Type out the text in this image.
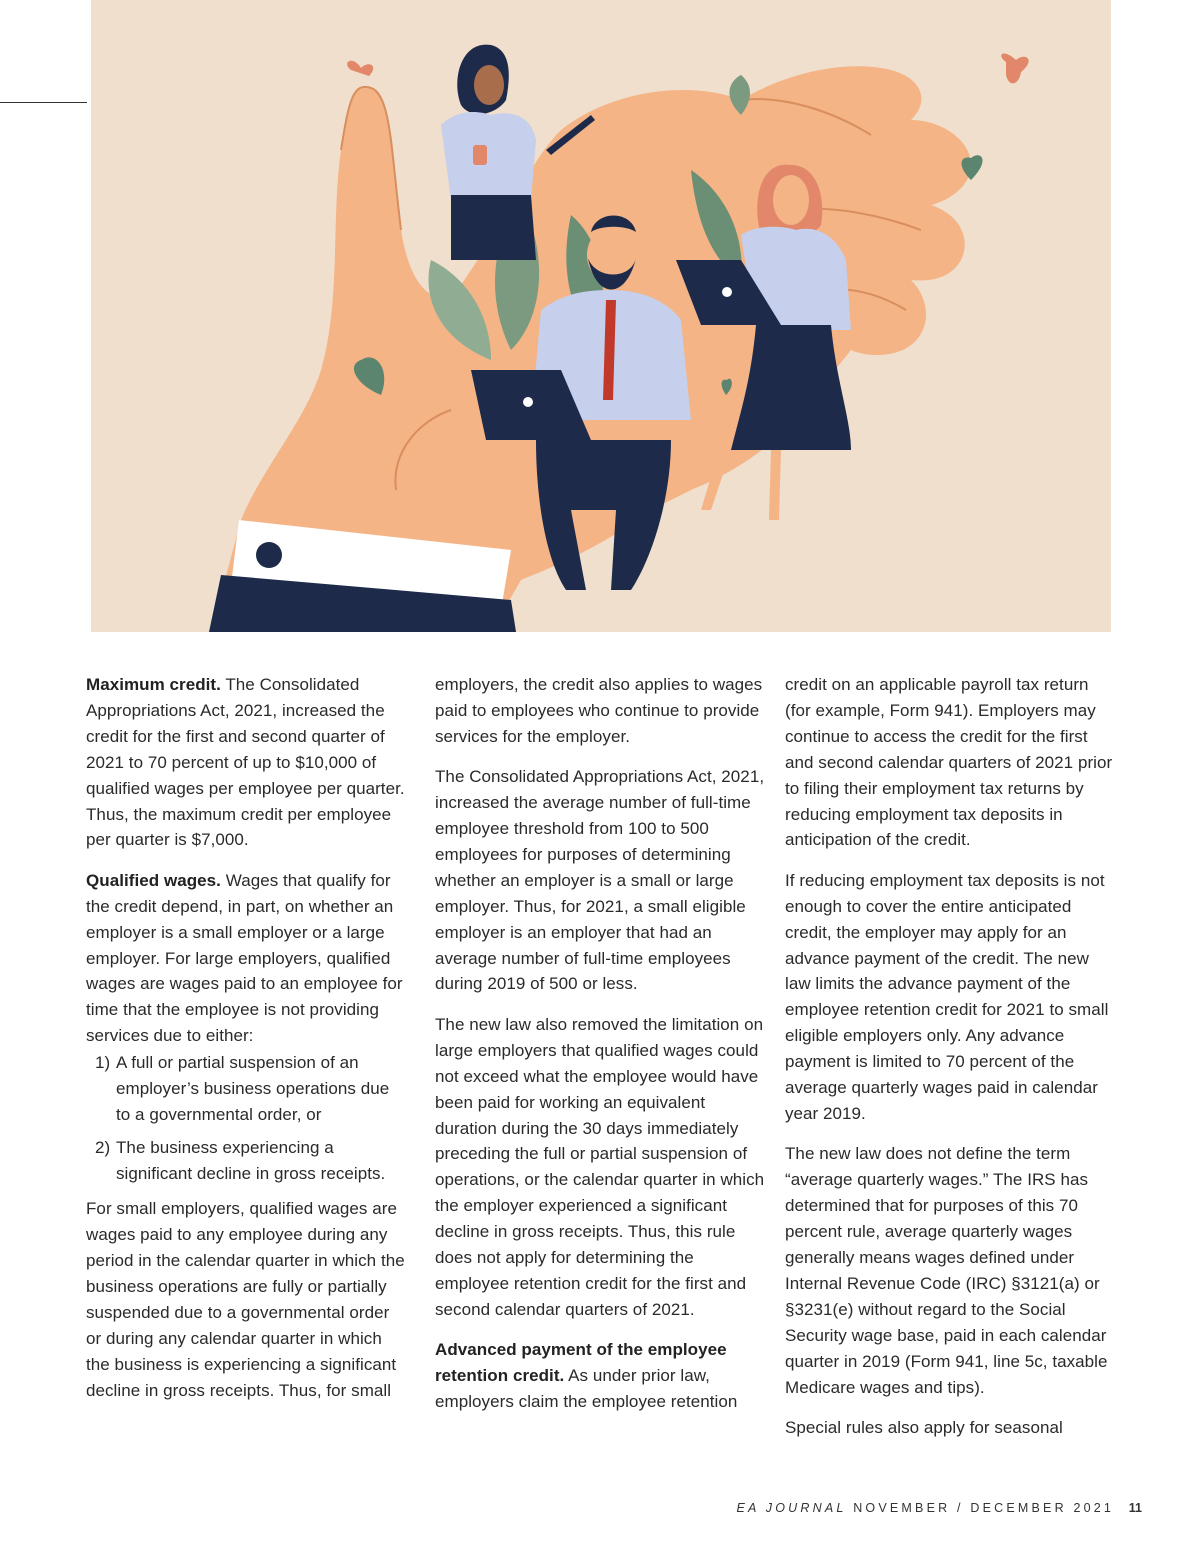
Maximum credit. The Consolidated Appropriations Act, 2021, increased the credit for the first and second quarter of 2021 to 70 percent of up to $10,000 of qualified wages per employee per quarter. Thus, the maximum credit per employee per quarter is $7,000.

Qualified wages. Wages that qualify for the credit depend, in part, on whether an employer is a small employer or a large employer. For large employers, qualified wages are wages paid to an employee for time that the employee is not providing services due to either:

1) A full or partial suspension of an employer’s business operations due to a governmental order, or
2) The business experiencing a significant decline in gross receipts.

For small employers, qualified wages are wages paid to any employee during any period in the calendar quarter in which the business operations are fully or partially suspended due to a governmental order or during any calendar quarter in which the business is experiencing a significant decline in gross receipts. Thus, for small

employers, the credit also applies to wages paid to employees who continue to provide services for the employer.

The Consolidated Appropriations Act, 2021, increased the average number of full-time employee threshold from 100 to 500 employees for purposes of determining whether an employer is a small or large employer. Thus, for 2021, a small eligible employer is an employer that had an average number of full-time employees during 2019 of 500 or less.

The new law also removed the limitation on large employers that qualified wages could not exceed what the employee would have been paid for working an equivalent duration during the 30 days immediately preceding the full or partial suspension of operations, or the calendar quarter in which the employer experienced a significant decline in gross receipts. Thus, this rule does not apply for determining the employee retention credit for the first and second calendar quarters of 2021.

Advanced payment of the employee retention credit. As under prior law, employers claim the employee retention

credit on an applicable payroll tax return (for example, Form 941). Employers may continue to access the credit for the first and second calendar quarters of 2021 prior to filing their employment tax returns by reducing employment tax deposits in anticipation of the credit.

If reducing employment tax deposits is not enough to cover the entire anticipated credit, the employer may apply for an advance payment of the credit. The new law limits the advance payment of the employee retention credit for 2021 to small eligible employers only. Any advance payment is limited to 70 percent of the average quarterly wages paid in calendar year 2019.

The new law does not define the term “average quarterly wages.” The IRS has determined that for purposes of this 70 percent rule, average quarterly wages generally means wages defined under Internal Revenue Code (IRC) §3121(a) or §3231(e) without regard to the Social Security wage base, paid in each calendar quarter in 2019 (Form 941, line 5c, taxable Medicare wages and tips).

Special rules also apply for seasonal

EA JOURNAL NOVEMBER / DECEMBER 2021 11
